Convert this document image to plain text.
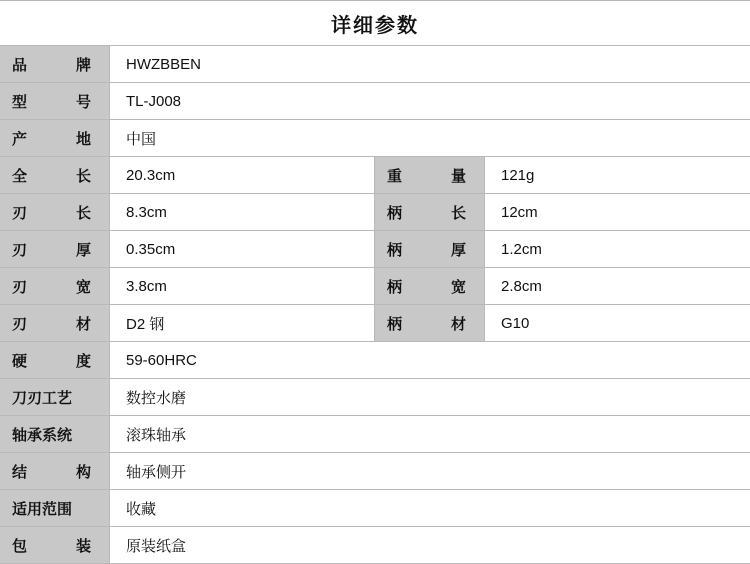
详细参数
品 牌	HWZBBEN
型 号	TL-J008
产 地	中国
全 长	20.3cm	重 量	121g
刃 长	8.3cm	柄 长	12cm
刃 厚	0.35cm	柄 厚	1.2cm
刃 宽	3.8cm	柄 宽	2.8cm
刃 材	D2 钢	柄 材	G10
硬 度	59-60HRC
刀刃工艺	数控水磨
轴承系统	滚珠轴承
结 构	轴承侧开
适用范围	收藏
包 装	原装纸盒
